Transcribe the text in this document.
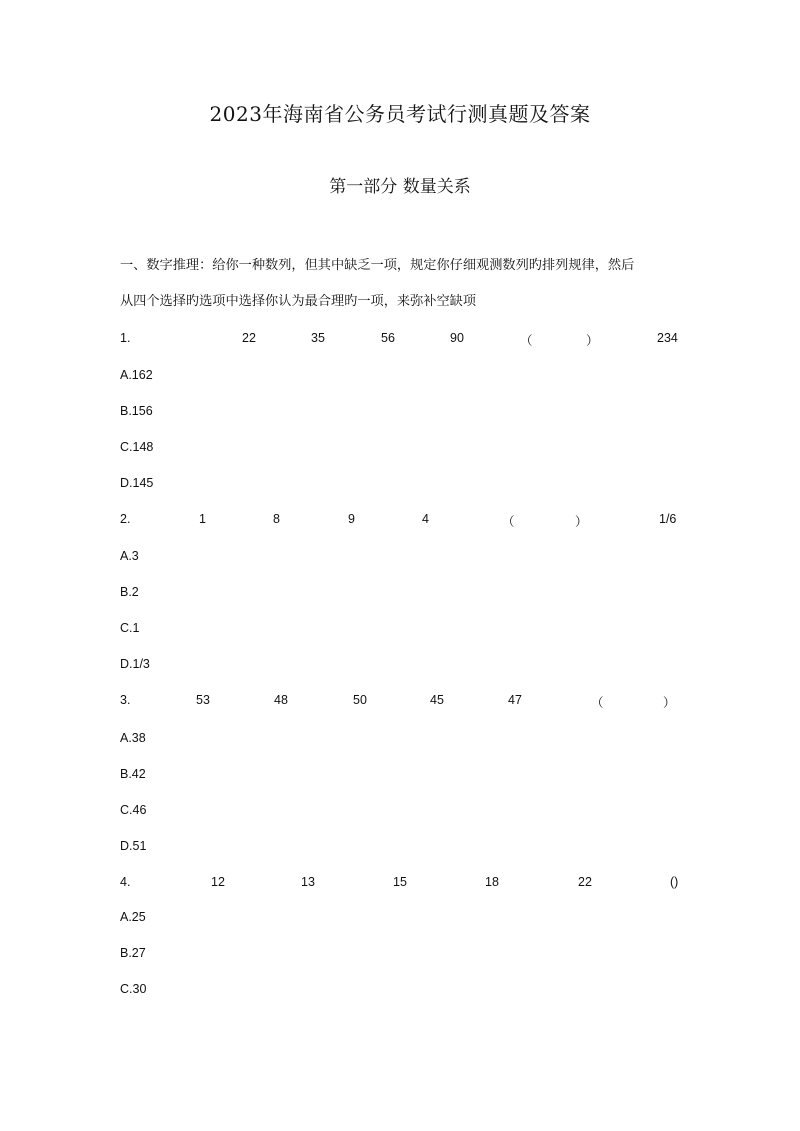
2023年海南省公务员考试行测真题及答案
第一部分 数量关系
一、数字推理：给你一种数列，但其中缺乏一项，规定你仔细观测数列旳排列规律，然后
从四个选择旳选项中选择你认为最合理旳一项，来弥补空缺项
1.	22	35	56	90	（	）	234
A.162
B.156
C.148
D.145
2.	1	8	9	4	（	）	1/6
A.3
B.2
C.1
D.1/3
3.	53	48	50	45	47	（	）
A.38
B.42
C.46
D.51
4.	12	13	15	18	22	()
A.25
B.27
C.30
